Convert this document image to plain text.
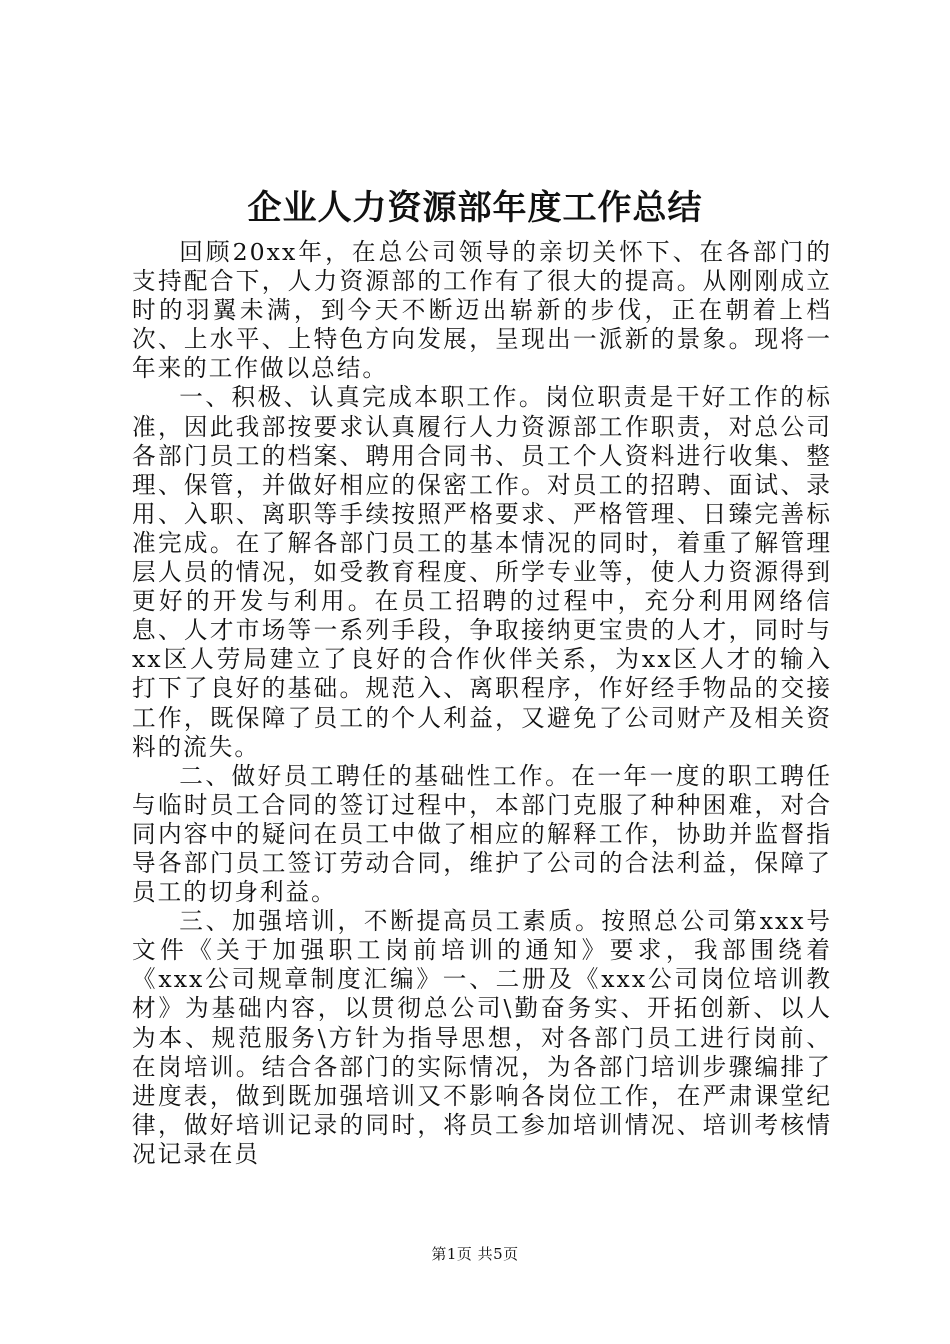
企业人力资源部年度工作总结

回顾20xx年，在总公司领导的亲切关怀下、在各部门的支持配合下，人力资源部的工作有了很大的提高。从刚刚成立时的羽翼未满，到今天不断迈出崭新的步伐，正在朝着上档次、上水平、上特色方向发展，呈现出一派新的景象。现将一年来的工作做以总结。

一、积极、认真完成本职工作。岗位职责是干好工作的标准，因此我部按要求认真履行人力资源部工作职责，对总公司各部门员工的档案、聘用合同书、员工个人资料进行收集、整理、保管，并做好相应的保密工作。对员工的招聘、面试、录用、入职、离职等手续按照严格要求、严格管理、日臻完善标准完成。在了解各部门员工的基本情况的同时，着重了解管理层人员的情况，如受教育程度、所学专业等，使人力资源得到更好的开发与利用。在员工招聘的过程中，充分利用网络信息、人才市场等一系列手段，争取接纳更宝贵的人才，同时与xx区人劳局建立了良好的合作伙伴关系，为xx区人才的输入打下了良好的基础。规范入、离职程序，作好经手物品的交接工作，既保障了员工的个人利益，又避免了公司财产及相关资料的流失。

二、做好员工聘任的基础性工作。在一年一度的职工聘任与临时员工合同的签订过程中，本部门克服了种种困难，对合同内容中的疑问在员工中做了相应的解释工作，协助并监督指导各部门员工签订劳动合同，维护了公司的合法利益，保障了员工的切身利益。

三、加强培训，不断提高员工素质。按照总公司第xxx号文件《关于加强职工岗前培训的通知》要求，我部围绕着《xxx公司规章制度汇编》一、二册及《xxx公司岗位培训教材》为基础内容，以贯彻总公司\勤奋务实、开拓创新、以人为本、规范服务\方针为指导思想，对各部门员工进行岗前、在岗培训。结合各部门的实际情况，为各部门培训步骤编排了进度表，做到既加强培训又不影响各岗位工作，在严肃课堂纪律，做好培训记录的同时，将员工参加培训情况、培训考核情况记录在员

第1页 共5页
